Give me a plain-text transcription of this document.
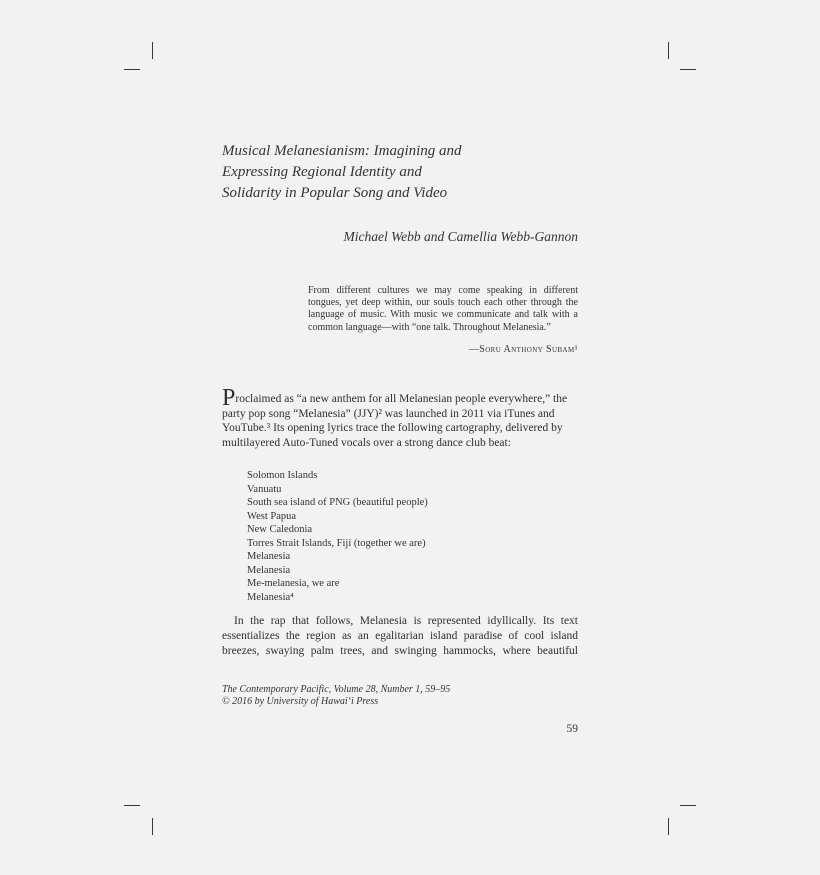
Musical Melanesianism: Imagining and
Expressing Regional Identity and
Solidarity in Popular Song and Video
Michael Webb and Camellia Webb-Gannon
From different cultures we may come speaking in different tongues, yet deep within, our souls touch each other through the language of music. With music we communicate and talk with a common language—with “one talk. Throughout Melanesia.”
—Soru Anthony Subam¹
Proclaimed as “a new anthem for all Melanesian people everywhere,” the
party pop song “Melanesia” (JJY)² was launched in 2011 via iTunes and
YouTube.³ Its opening lyrics trace the following cartography, delivered by
multilayered Auto-Tuned vocals over a strong dance club beat:
Solomon Islands
Vanuatu
South sea island of PNG (beautiful people)
West Papua
New Caledonia
Torres Strait Islands, Fiji (together we are)
Melanesia
Melanesia
Me-melanesia, we are
Melanesia⁴
In the rap that follows, Melanesia is represented idyllically. Its text
essentializes the region as an egalitarian island paradise of cool island
breezes, swaying palm trees, and swinging hammocks, where beautiful
The Contemporary Pacific, Volume 28, Number 1, 59–95
© 2016 by University of Hawai‘i Press
59
